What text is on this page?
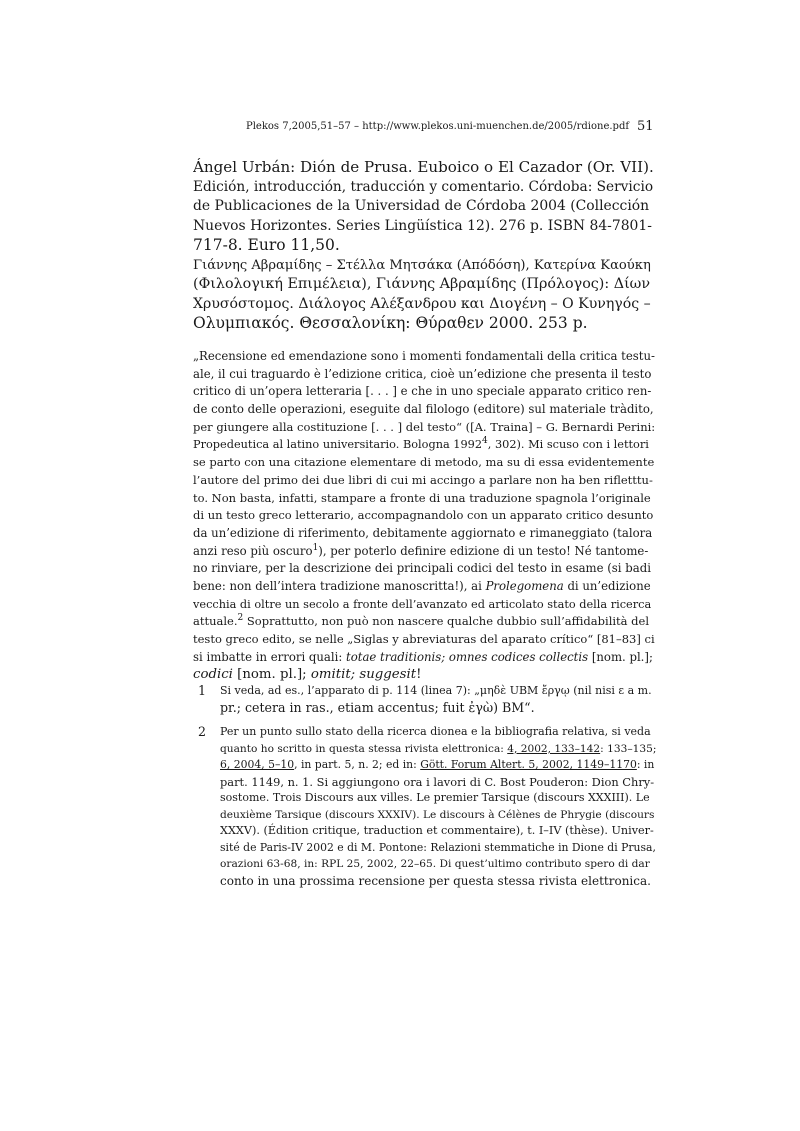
Plekos 7,2005,51–57 – http://www.plekos.uni-muenchen.de/2005/rdione.pdf 51
Ángel Urbán: Dión de Prusa. Euboico o El Cazador (Or. VII).
Edición, introducción, traducción y comentario. Córdoba: Servicio
de Publicaciones de la Universidad de Córdoba 2004 (Collección
Nuevos Horizontes. Series Lingüística 12). 276 p. ISBN 84-7801-
717-8. Euro 11,50.
Γιάννης Αβραμίδης – Στέλλα Μητσάκα (Απόδόση), Κατερίνα Καούκη
(Φιλολογική Επιμέλεια), Γιάννης Αβραμίδης (Πρόλογος): Δίων
Χρυσόστομος. Διάλογος Αλέξανδρου και Διογένη – Ο Κυνηγός –
Ολυμπιακός. Θεσσαλονίκη: Θύραθεν 2000. 253 p.
„Recensione ed emendazione sono i momenti fondamentali della critica testu-
ale, il cui traguardo è l’edizione critica, cioè un’edizione che presenta il testo
critico di un’opera letteraria [. . . ] e che in uno speciale apparato critico ren-
de conto delle operazioni, eseguite dal filologo (editore) sul materiale tràdito,
per giungere alla costituzione [. . . ] del testo“ ([A. Traina] – G. Bernardi Perini:
Propedeutica al latino universitario. Bologna 1992$^4$, 302). Mi scuso con i lettori
se parto con una citazione elementare di metodo, ma su di essa evidentemente
l’autore del primo dei due libri di cui mi accingo a parlare non ha ben rifletttu-
to. Non basta, infatti, stampare a fronte di una traduzione spagnola l’originale
di un testo greco letterario, accompagnandolo con un apparato critico desunto
da un’edizione di riferimento, debitamente aggiornato e rimaneggiato (talora
anzi reso più oscuro$^1$), per poterlo definire edizione di un testo! Né tantome-
no rinviare, per la descrizione dei principali codici del testo in esame (si badi
bene: non dell’intera tradizione manoscritta!), ai Prolegomena di un’edizione
vecchia di oltre un secolo a fronte dell’avanzato ed articolato stato della ricerca
attuale.$^2$ Soprattutto, non può non nascere qualche dubbio sull’affidabilità del
testo greco edito, se nelle „Siglas y abreviaturas del aparato crítico“ [81–83] ci
si imbatte in errori quali: totae traditionis; omnes codices collectis [nom. pl.];
codici [nom. pl.]; omitit; suggesit!
1 Si veda, ad es., l’apparato di p. 114 (linea 7): „μηδὲ UBM ἔργῳ (nil nisi ε a m.
pr.; cetera in ras., etiam accentus; fuit ἐγὼ) BM“.
2 Per un punto sullo stato della ricerca dionea e la bibliografia relativa, si veda
quanto ho scritto in questa stessa rivista elettronica: 4, 2002, 133–142: 133–135;
6, 2004, 5–10, in part. 5, n. 2; ed in: Gött. Forum Altert. 5, 2002, 1149–1170: in
part. 1149, n. 1. Si aggiungono ora i lavori di C. Bost Pouderon: Dion Chry-
sostome. Trois Discours aux villes. Le premier Tarsique (discours XXXIII). Le
deuxième Tarsique (discours XXXIV). Le discours à Célènes de Phrygie (discours
XXXV). (Édition critique, traduction et commentaire), t. I–IV (thèse). Univer-
sité de Paris-IV 2002 e di M. Pontone: Relazioni stemmatiche in Dione di Prusa,
orazioni 63-68, in: RPL 25, 2002, 22–65. Di quest’ultimo contributo spero di dar
conto in una prossima recensione per questa stessa rivista elettronica.
